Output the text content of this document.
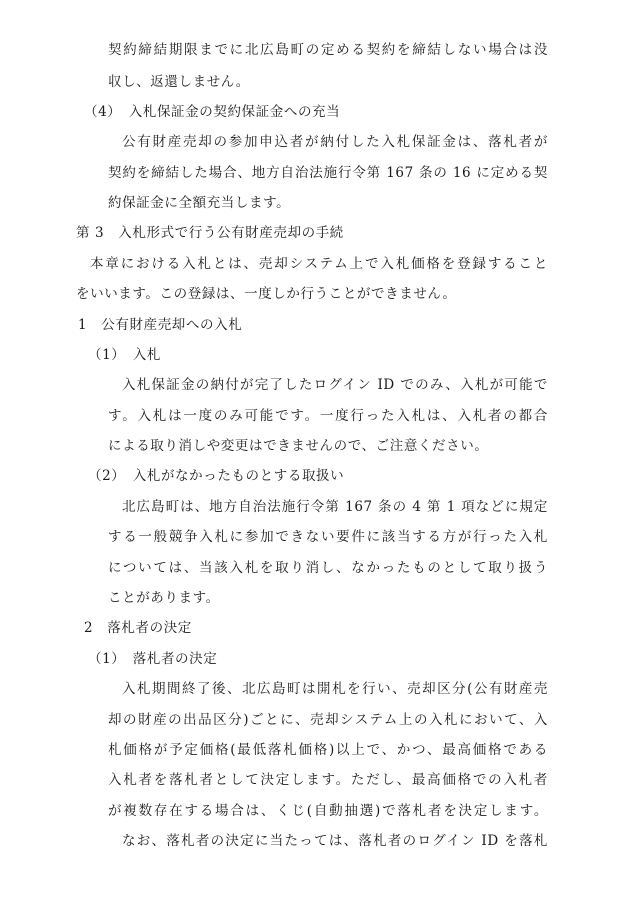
契約締結期限までに北広島町の定める契約を締結しない場合は没
収し、返還しません。
（4）　入札保証金の契約保証金への充当
公有財産売却の参加申込者が納付した入札保証金は、落札者が
契約を締結した場合、地方自治法施行令第 167 条の 16 に定める契
約保証金に全額充当します。
第 3　入札形式で行う公有財産売却の手続
本章における入札とは、売却システム上で入札価格を登録すること
をいいます。この登録は、一度しか行うことができません。
1　公有財産売却への入札
（1）　入札
入札保証金の納付が完了したログイン ID でのみ、入札が可能で
す。入札は一度のみ可能です。一度行った入札は、入札者の都合
による取り消しや変更はできませんので、ご注意ください。
（2）　入札がなかったものとする取扱い
北広島町は、地方自治法施行令第 167 条の 4 第 1 項などに規定
する一般競争入札に参加できない要件に該当する方が行った入札
については、当該入札を取り消し、なかったものとして取り扱う
ことがあります。
2　落札者の決定
（1）　落札者の決定
入札期間終了後、北広島町は開札を行い、売却区分(公有財産売
却の財産の出品区分)ごとに、売却システム上の入札において、入
札価格が予定価格(最低落札価格)以上で、かつ、最高価格である
入札者を落札者として決定します。ただし、最高価格での入札者
が複数存在する場合は、くじ(自動抽選)で落札者を決定します。
なお、落札者の決定に当たっては、落札者のログイン ID を落札
